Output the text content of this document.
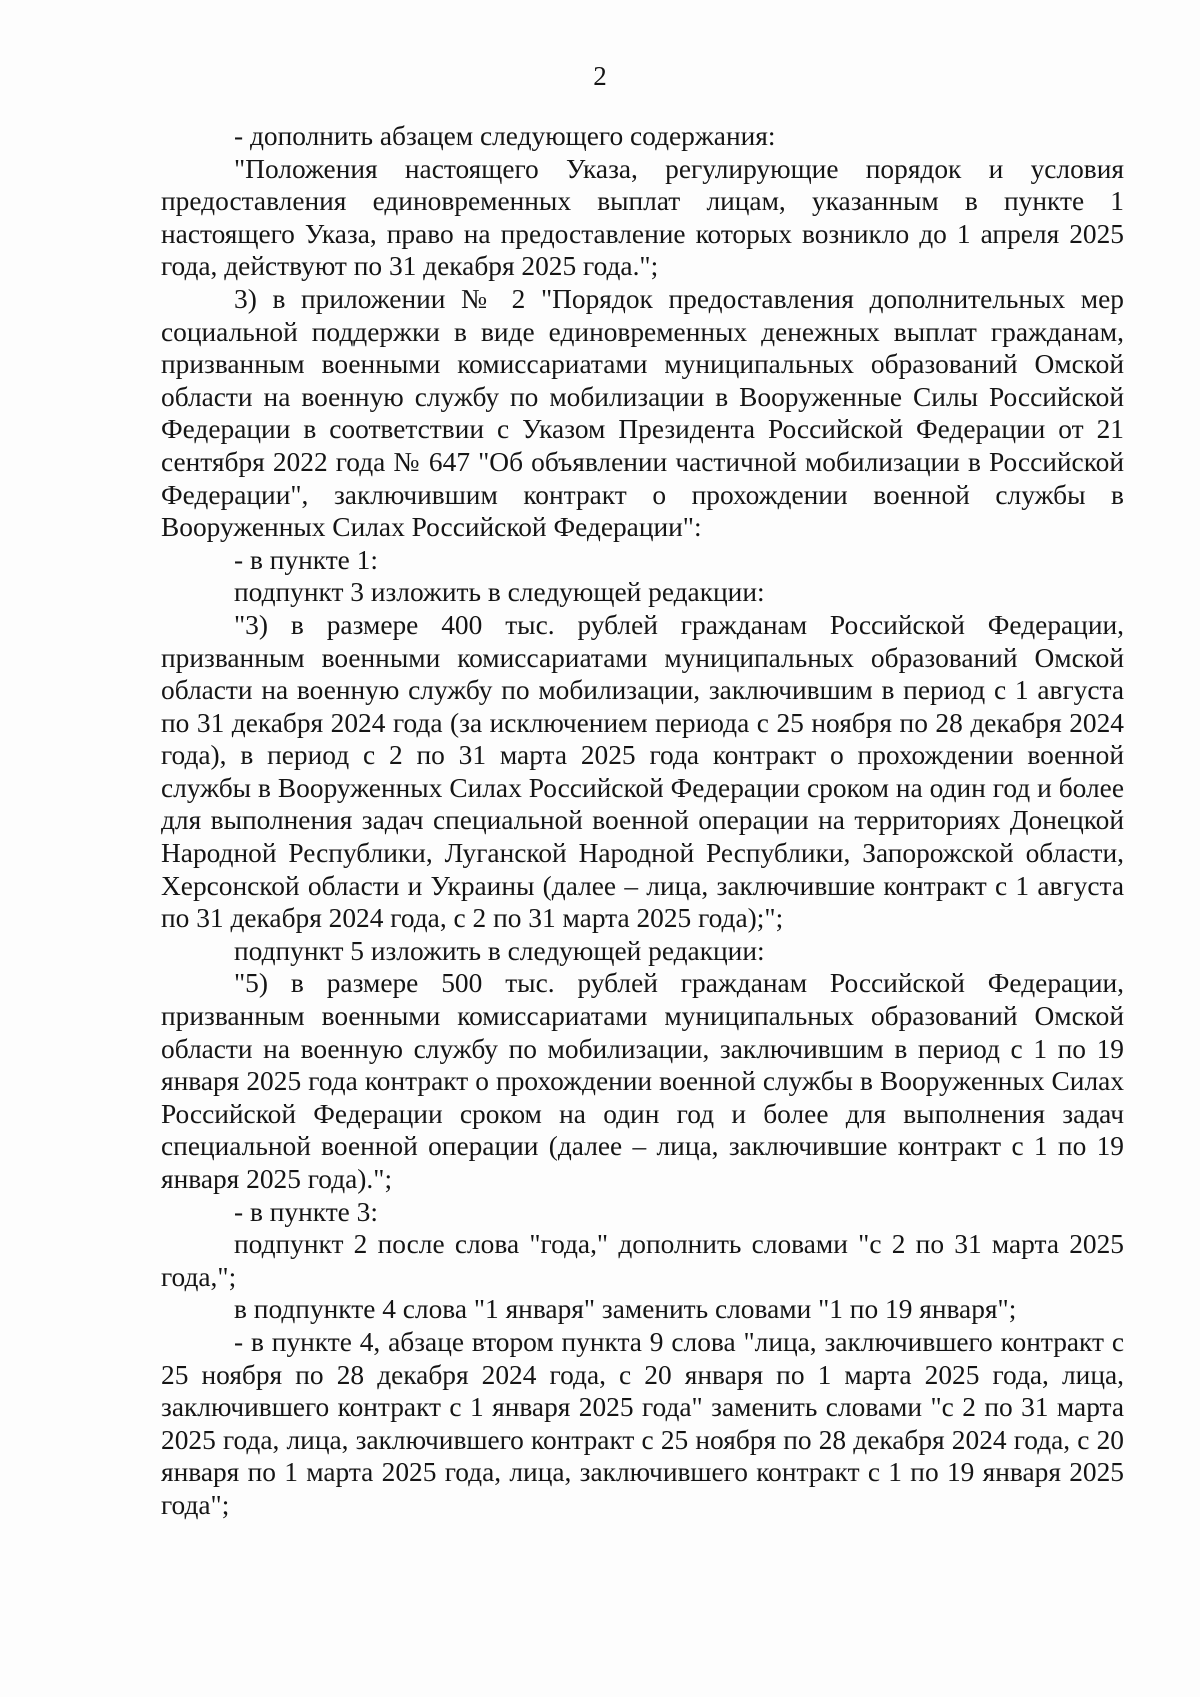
2

- дополнить абзацем следующего содержания:

"Положения настоящего Указа, регулирующие порядок и условия предоставления единовременных выплат лицам, указанным в пункте 1 настоящего Указа, право на предоставление которых возникло до 1 апреля 2025 года, действуют по 31 декабря 2025 года.";

3) в приложении № 2 "Порядок предоставления дополнительных мер социальной поддержки в виде единовременных денежных выплат гражданам, призванным военными комиссариатами муниципальных образований Омской области на военную службу по мобилизации в Вооруженные Силы Российской Федерации в соответствии с Указом Президента Российской Федерации от 21 сентября 2022 года № 647 "Об объявлении частичной мобилизации в Российской Федерации", заключившим контракт о прохождении военной службы в Вооруженных Силах Российской Федерации":

- в пункте 1:

подпункт 3 изложить в следующей редакции:

"3) в размере 400 тыс. рублей гражданам Российской Федерации, призванным военными комиссариатами муниципальных образований Омской области на военную службу по мобилизации, заключившим в период с 1 августа по 31 декабря 2024 года (за исключением периода с 25 ноября по 28 декабря 2024 года), в период с 2 по 31 марта 2025 года контракт о прохождении военной службы в Вооруженных Силах Российской Федерации сроком на один год и более для выполнения задач специальной военной операции на территориях Донецкой Народной Республики, Луганской Народной Республики, Запорожской области, Херсонской области и Украины (далее – лица, заключившие контракт с 1 августа по 31 декабря 2024 года, с 2 по 31 марта 2025 года);";

подпункт 5 изложить в следующей редакции:

"5) в размере 500 тыс. рублей гражданам Российской Федерации, призванным военными комиссариатами муниципальных образований Омской области на военную службу по мобилизации, заключившим в период с 1 по 19 января 2025 года контракт о прохождении военной службы в Вооруженных Силах Российской Федерации сроком на один год и более для выполнения задач специальной военной операции (далее – лица, заключившие контракт с 1 по 19 января 2025 года).";

- в пункте 3:

подпункт 2 после слова "года," дополнить словами "с 2 по 31 марта 2025 года,";

в подпункте 4 слова "1 января" заменить словами "1 по 19 января";

- в пункте 4, абзаце втором пункта 9 слова "лица, заключившего контракт с 25 ноября по 28 декабря 2024 года, с 20 января по 1 марта 2025 года, лица, заключившего контракт с 1 января 2025 года" заменить словами "с 2 по 31 марта 2025 года, лица, заключившего контракт с 25 ноября по 28 декабря 2024 года, с 20 января по 1 марта 2025 года, лица, заключившего контракт с 1 по 19 января 2025 года";
